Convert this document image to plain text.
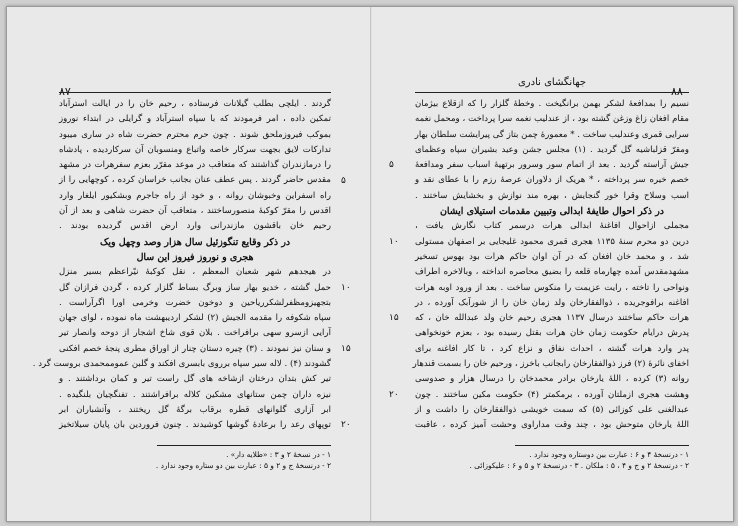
گردند . ایلچی بطلب گیلانات فرستاده ، رحیم خان را در ایالت استرآباد
تمکین داده ، امر فرمودند که با سپاه استرآباد و گرایلی در ابتداء نوروز
بموکب فیروزملحق شوند . چون حرم محترم حضرت شاه در ساری میبود
تدارکات لایق بجهت سرکار خاصه واتباع ومنسوبان آن سرکاردیده ، پادشاه
را درمازندران گذاشتند که متعاقب در موعد مقرّر بعزم سفرهرات در مشهد
مقدس حاضر گردند . پس عطف عنان بجانب خراسان کرده ، کوچهایی را از
راه اسفراین وخبوشان روانه ، و خود از راه جاجرم وبشکیور ایلغار وارد
اقدس را مقرّ کوکبهٔ منصورساختند ، متعاقب آن حضرت شاهی و بعد از آن
رحیم خان باقشون مازندرانی وارد ارض اقدس گردیده بودند .
در ذکر وقایع تنگوزئیل سال هزار وصد وچهل ویک
هجری و نوروز فیروز این سال
در هیجدهم شهر شعبان المعظم ، نقل کوکبهٔ نیّراعظم بسیر منزل
حمل گشته ، خدیو بهار ساز وبرگ بساط گلزار کرده ، گردن فرازان گل
بتجهیزومظفرلشکرریاحین و دوخون خضرت وخرمی اورا اگرآراست .
سپاه شکوفه را مقدمه الجیش (۲) لشکر اردیبهشت ماه نموده ، لوای جهان
آرایی ازسرو سهی برافراخت . بلان قوی شاخ اشجار از دوحه وانصار تیر
و سنان نیز نمودند . (۳) چیره دستان چنار از اوراق مطری پنجهٔ خصم افکنی
گشودند (۴) . لاله سیر سپاه برروی بابسری افکند و گلبن عموممحمدی بروست گرد .
تیر کش بتدان درختان ازشاخه های گل راست تیر و کمان برداشتند . و
نیزه داران چمن ستانهای مشکین کلاله برافراشتند . تفنگچیان بلنگیده .
ابر آزاری گلوانهای قطره برقاب برگهٔ گل ریختند ، وآتشباران ابر
توپهای رعد را برعادهٔ گوشها کوشیدند . چنون فروردین بان پایان سیلاتخیز
۵
۱۰
۱۵
۲۰
۱ - در نسخهٔ ۲ و ۳ : «طلایه دار» .
۲ - درنسخهٔ ج و ۲ و ۵ : عبارت بین دو ستاره وجود ندارد .
جهانگشای نادری
نسیم را بمدافعهٔ لشکر بهمن برانگیخت . وخطهٔ گلزار را که ازقلاع بیژمان
مقام افغان زاغ وزغن گشته بود ، از عندلیب نغمه سرا پرداخت ، ومحمل نغمه
سرایی قمری وعندلیب ساخت . * معمورهٔ چمن بتاز گی پیرایشت سلطان بهار
ومقرّ قزلباشیه گل گردید . (۱) مجلس جشن وعید بشیران سپاه وعظمای
جیش آراسته گردید . بعد از اتمام سور وسرور برتهیهٔ اسباب سفر ومدافعهٔ
خصم خیره سر پرداخته ، * هریک از دلاوران عرصهٔ رزم را با عطای نقد و
اسب وسلاح وقرا خور گنجایش ، بهره مند نوازش و بخشایش ساختند .
در ذکر احوال طایفهٔ ابدالی وتبیین مقدمات استیلای ایشان
مجملی ازاحوال افاغنهٔ ابدالی هرات درسمر کتاب نگارش یافت ،
درین دو محرم سنهٔ ۱۱۳۵ هجری قمری محمود غلیجایی بر اصفهان مستولی
شد ، و محمد خان افغان که در آن اوان حاکم هرات بود بهوس تسخیر
مشهدمقدس آمده چهارماه قلعه را بضیق محاصره انداخته ، وبالاخره اطراف
ونواحی را تاخته ، رایت عزیمت را منکوس ساخت . بعد از ورود اوبه هرات
افاغنه برافوجریده ، ذوالفقارخان ولد زمان خان را از شورآبک آورده ، در
هرات حاکم ساختند درسال ۱۱۳۷ هجری رحیم خان ولد عبدالله خان ، که
پدرش درایام حکومت زمان خان هرات بقتل رسیده بود ، بعزم خونخواهی
پدر وارد هرات گشته ، احداث نفاق و نزاع کرد ، تا کار افاغنه برای
اخفای نائرهٔ (۲) فرز ذوالفقارخان رابجانب باخرز ، ورحیم خان را بسمت قندهار
روانه (۳) کرده ، اللهٔ یارخان برادر محمدخان را درسال هزار و صدوسی
وهشت هجری ازملتان آورده ، برمکمتر (۴) حکومت مکین ساختند . چون
عبدالغنی علی کوزائی (۵) که سمت خویشی ذوالفقارخان را داشت و از
اللهٔ یارخان متوحش بود ، چند وقت مداراوی وحشت آمیز کرده ، عاقبت
۵
۱۰
۱۵
۲۰
۱ - درنسخهٔ ۴ و ۶ : عبارت بین دوستاره وجود ندارد .
۲ - درنسخهٔ ۲ و ج و ۴ ، ۵ : ملکان . ۳ - درنسخهٔ ۲ و ۵ و ۶ : علیکوزائی .
